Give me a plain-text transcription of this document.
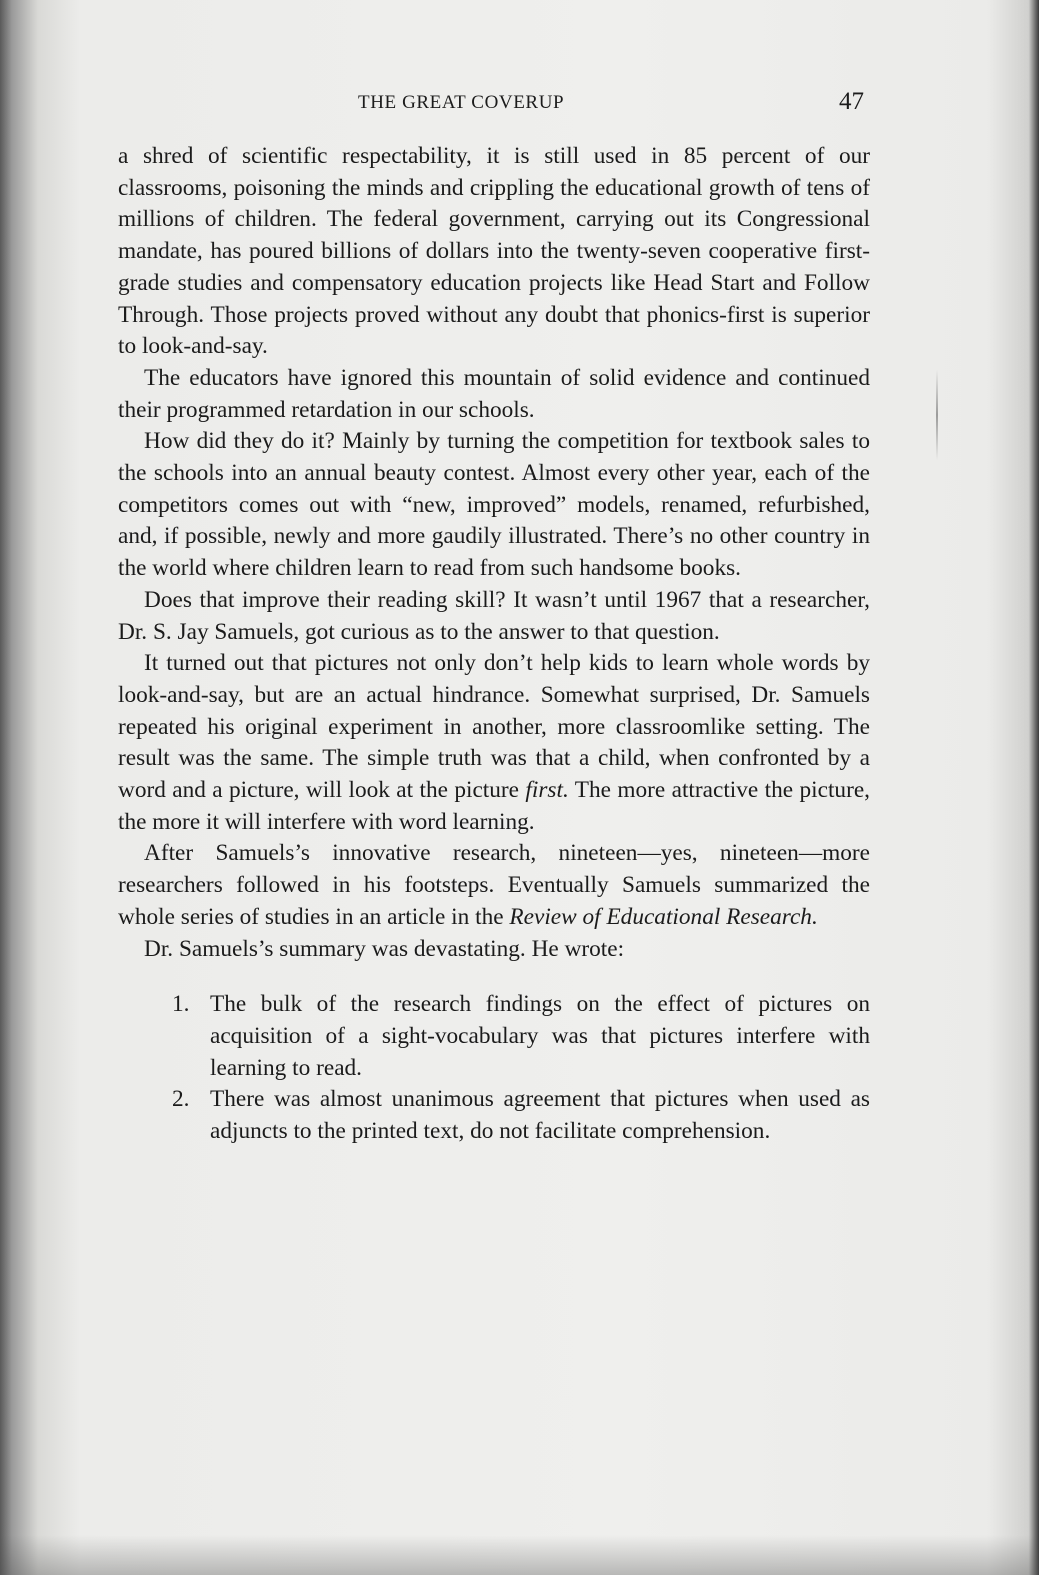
THE GREAT COVERUP	47

a shred of scientific respectability, it is still used in 85 percent of our classrooms, poisoning the minds and crippling the educational growth of tens of millions of children. The federal government, carrying out its Congressional mandate, has poured billions of dollars into the twenty-seven cooperative first-grade studies and compensatory education projects like Head Start and Follow Through. Those projects proved without any doubt that phonics-first is superior to look-and-say.

The educators have ignored this mountain of solid evidence and continued their programmed retardation in our schools.

How did they do it? Mainly by turning the competition for textbook sales to the schools into an annual beauty contest. Almost every other year, each of the competitors comes out with “new, improved” models, renamed, refurbished, and, if possible, newly and more gaudily illustrated. There’s no other country in the world where children learn to read from such handsome books.

Does that improve their reading skill? It wasn’t until 1967 that a researcher, Dr. S. Jay Samuels, got curious as to the answer to that question.

It turned out that pictures not only don’t help kids to learn whole words by look-and-say, but are an actual hindrance. Somewhat surprised, Dr. Samuels repeated his original experiment in another, more classroomlike setting. The result was the same. The simple truth was that a child, when confronted by a word and a picture, will look at the picture first. The more attractive the picture, the more it will interfere with word learning.

After Samuels’s innovative research, nineteen—yes, nineteen—more researchers followed in his footsteps. Eventually Samuels summarized the whole series of studies in an article in the Review of Educational Research.

Dr. Samuels’s summary was devastating. He wrote:

1. The bulk of the research findings on the effect of pictures on acquisition of a sight-vocabulary was that pictures interfere with learning to read.
2. There was almost unanimous agreement that pictures when used as adjuncts to the printed text, do not facilitate comprehension.
